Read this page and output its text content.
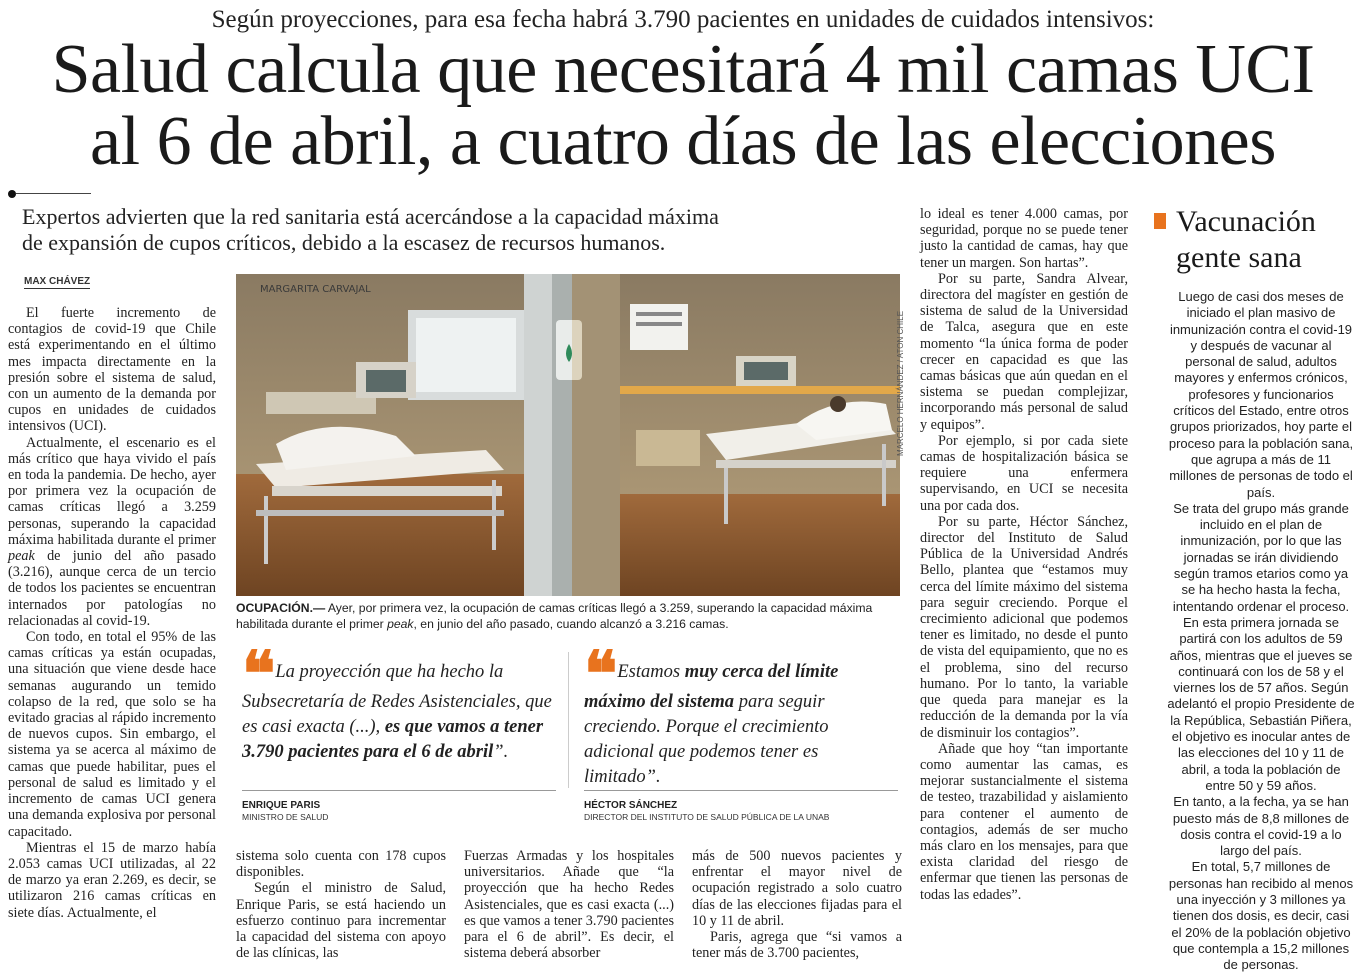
Según proyecciones, para esa fecha habrá 3.790 pacientes en unidades de cuidados intensivos:
Salud calcula que necesitará 4 mil camas UCI
al 6 de abril, a cuatro días de las elecciones
Expertos advierten que la red sanitaria está acercándose a la capacidad máxima
de expansión de cupos críticos, debido a la escasez de recursos humanos.
MAX CHÁVEZ

El fuerte incremento de contagios de covid-19 que Chile está experimentando en el último mes impacta directamente en la presión sobre el sistema de salud, con un aumento de la demanda por cupos en unidades de cuidados intensivos (UCI).

Actualmente, el escenario es el más crítico que haya vivido el país en toda la pandemia. De hecho, ayer por primera vez la ocupación de camas críticas llegó a 3.259 personas, superando la capacidad máxima habilitada durante el primer peak de junio del año pasado (3.216), aunque cerca de un tercio de todos los pacientes se encuentran internados por patologías no relacionadas al covid-19.

Con todo, en total el 95% de las camas críticas ya están ocupadas, una situación que viene desde hace semanas augurando un temido colapso de la red, que solo se ha evitado gracias al rápido incremento de nuevos cupos. Sin embargo, el sistema ya se acerca al máximo de camas que puede habilitar, pues el personal de salud es limitado y el incremento de camas UCI genera una demanda explosiva por personal capacitado.

Mientras el 15 de marzo había 2.053 camas UCI utilizadas, al 22 de marzo ya eran 2.269, es decir, se utilizaron 216 camas críticas en siete días. Actualmente, el

MARGARITA CARVAJAL
MARCELO HERNÁNDEZ / ATON CHILE
OCUPACIÓN.— Ayer, por primera vez, la ocupación de camas críticas llegó a 3.259, superando la capacidad máxima habilitada durante el primer peak, en junio del año pasado, cuando alcanzó a 3.216 camas.
❝ La proyección que ha hecho la Subsecretaría de Redes Asistenciales, que es casi exacta (...), es que vamos a tener 3.790 pacientes para el 6 de abril”.
ENRIQUE PARIS
MINISTRO DE SALUD
❝ Estamos muy cerca del límite máximo del sistema para seguir creciendo. Porque el crecimiento adicional que podemos tener es limitado”.
HÉCTOR SÁNCHEZ
DIRECTOR DEL INSTITUTO DE SALUD PÚBLICA DE LA UNAB

sistema solo cuenta con 178 cupos disponibles.

Según el ministro de Salud, Enrique Paris, se está haciendo un esfuerzo continuo para incrementar la capacidad del sistema con apoyo de las clínicas, las

Fuerzas Armadas y los hospitales universitarios. Añade que “la proyección que ha hecho Redes Asistenciales, que es casi exacta (...) es que vamos a tener 3.790 pacientes para el 6 de abril”. Es decir, el sistema deberá absorber

más de 500 nuevos pacientes y enfrentar el mayor nivel de ocupación registrado a solo cuatro días de las elecciones fijadas para el 10 y 11 de abril.

Paris, agrega que “si vamos a tener más de 3.700 pacientes,

lo ideal es tener 4.000 camas, por seguridad, porque no se puede tener justo la cantidad de camas, hay que tener un margen. Son hartas”.

Por su parte, Sandra Alvear, directora del magíster en gestión de sistema de salud de la Universidad de Talca, asegura que en este momento “la única forma de poder crecer en capacidad es que las camas básicas que aún quedan en el sistema se puedan complejizar, incorporando más personal de salud y equipos”.

Por ejemplo, si por cada siete camas de hospitalización básica se requiere una enfermera supervisando, en UCI se necesita una por cada dos.

Por su parte, Héctor Sánchez, director del Instituto de Salud Pública de la Universidad Andrés Bello, plantea que “estamos muy cerca del límite máximo del sistema para seguir creciendo. Porque el crecimiento adicional que podemos tener es limitado, no desde el punto de vista del equipamiento, que no es el problema, sino del recurso humano. Por lo tanto, la variable que queda para manejar es la reducción de la demanda por la vía de disminuir los contagios”.

Añade que hoy “tan importante como aumentar las camas, es mejorar sustancialmente el sistema de testeo, trazabilidad y aislamiento para contener el aumento de contagios, además de ser mucho más claro en los mensajes, para que exista claridad del riesgo de enfermar que tienen las personas de todas las edades”.

Vacunación
gente sana

Luego de casi dos meses de iniciado el plan masivo de inmunización contra el covid-19 y después de vacunar al personal de salud, adultos mayores y enfermos crónicos, profesores y funcionarios críticos del Estado, entre otros grupos priorizados, hoy parte el proceso para la población sana, que agrupa a más de 11 millones de personas de todo el país.

Se trata del grupo más grande incluido en el plan de inmunización, por lo que las jornadas se irán dividiendo según tramos etarios como ya se ha hecho hasta la fecha, intentando ordenar el proceso.

En esta primera jornada se partirá con los adultos de 59 años, mientras que el jueves se continuará con los de 58 y el viernes los de 57 años. Según adelantó el propio Presidente de la República, Sebastián Piñera, el objetivo es inocular antes de las elecciones del 10 y 11 de abril, a toda la población de entre 50 y 59 años.

En tanto, a la fecha, ya se han puesto más de 8,8 millones de dosis contra el covid-19 a lo largo del país.

En total, 5,7 millones de personas han recibido al menos una inyección y 3 millones ya tienen dos dosis, es decir, casi el 20% de la población objetivo que contempla a 15,2 millones de personas.
